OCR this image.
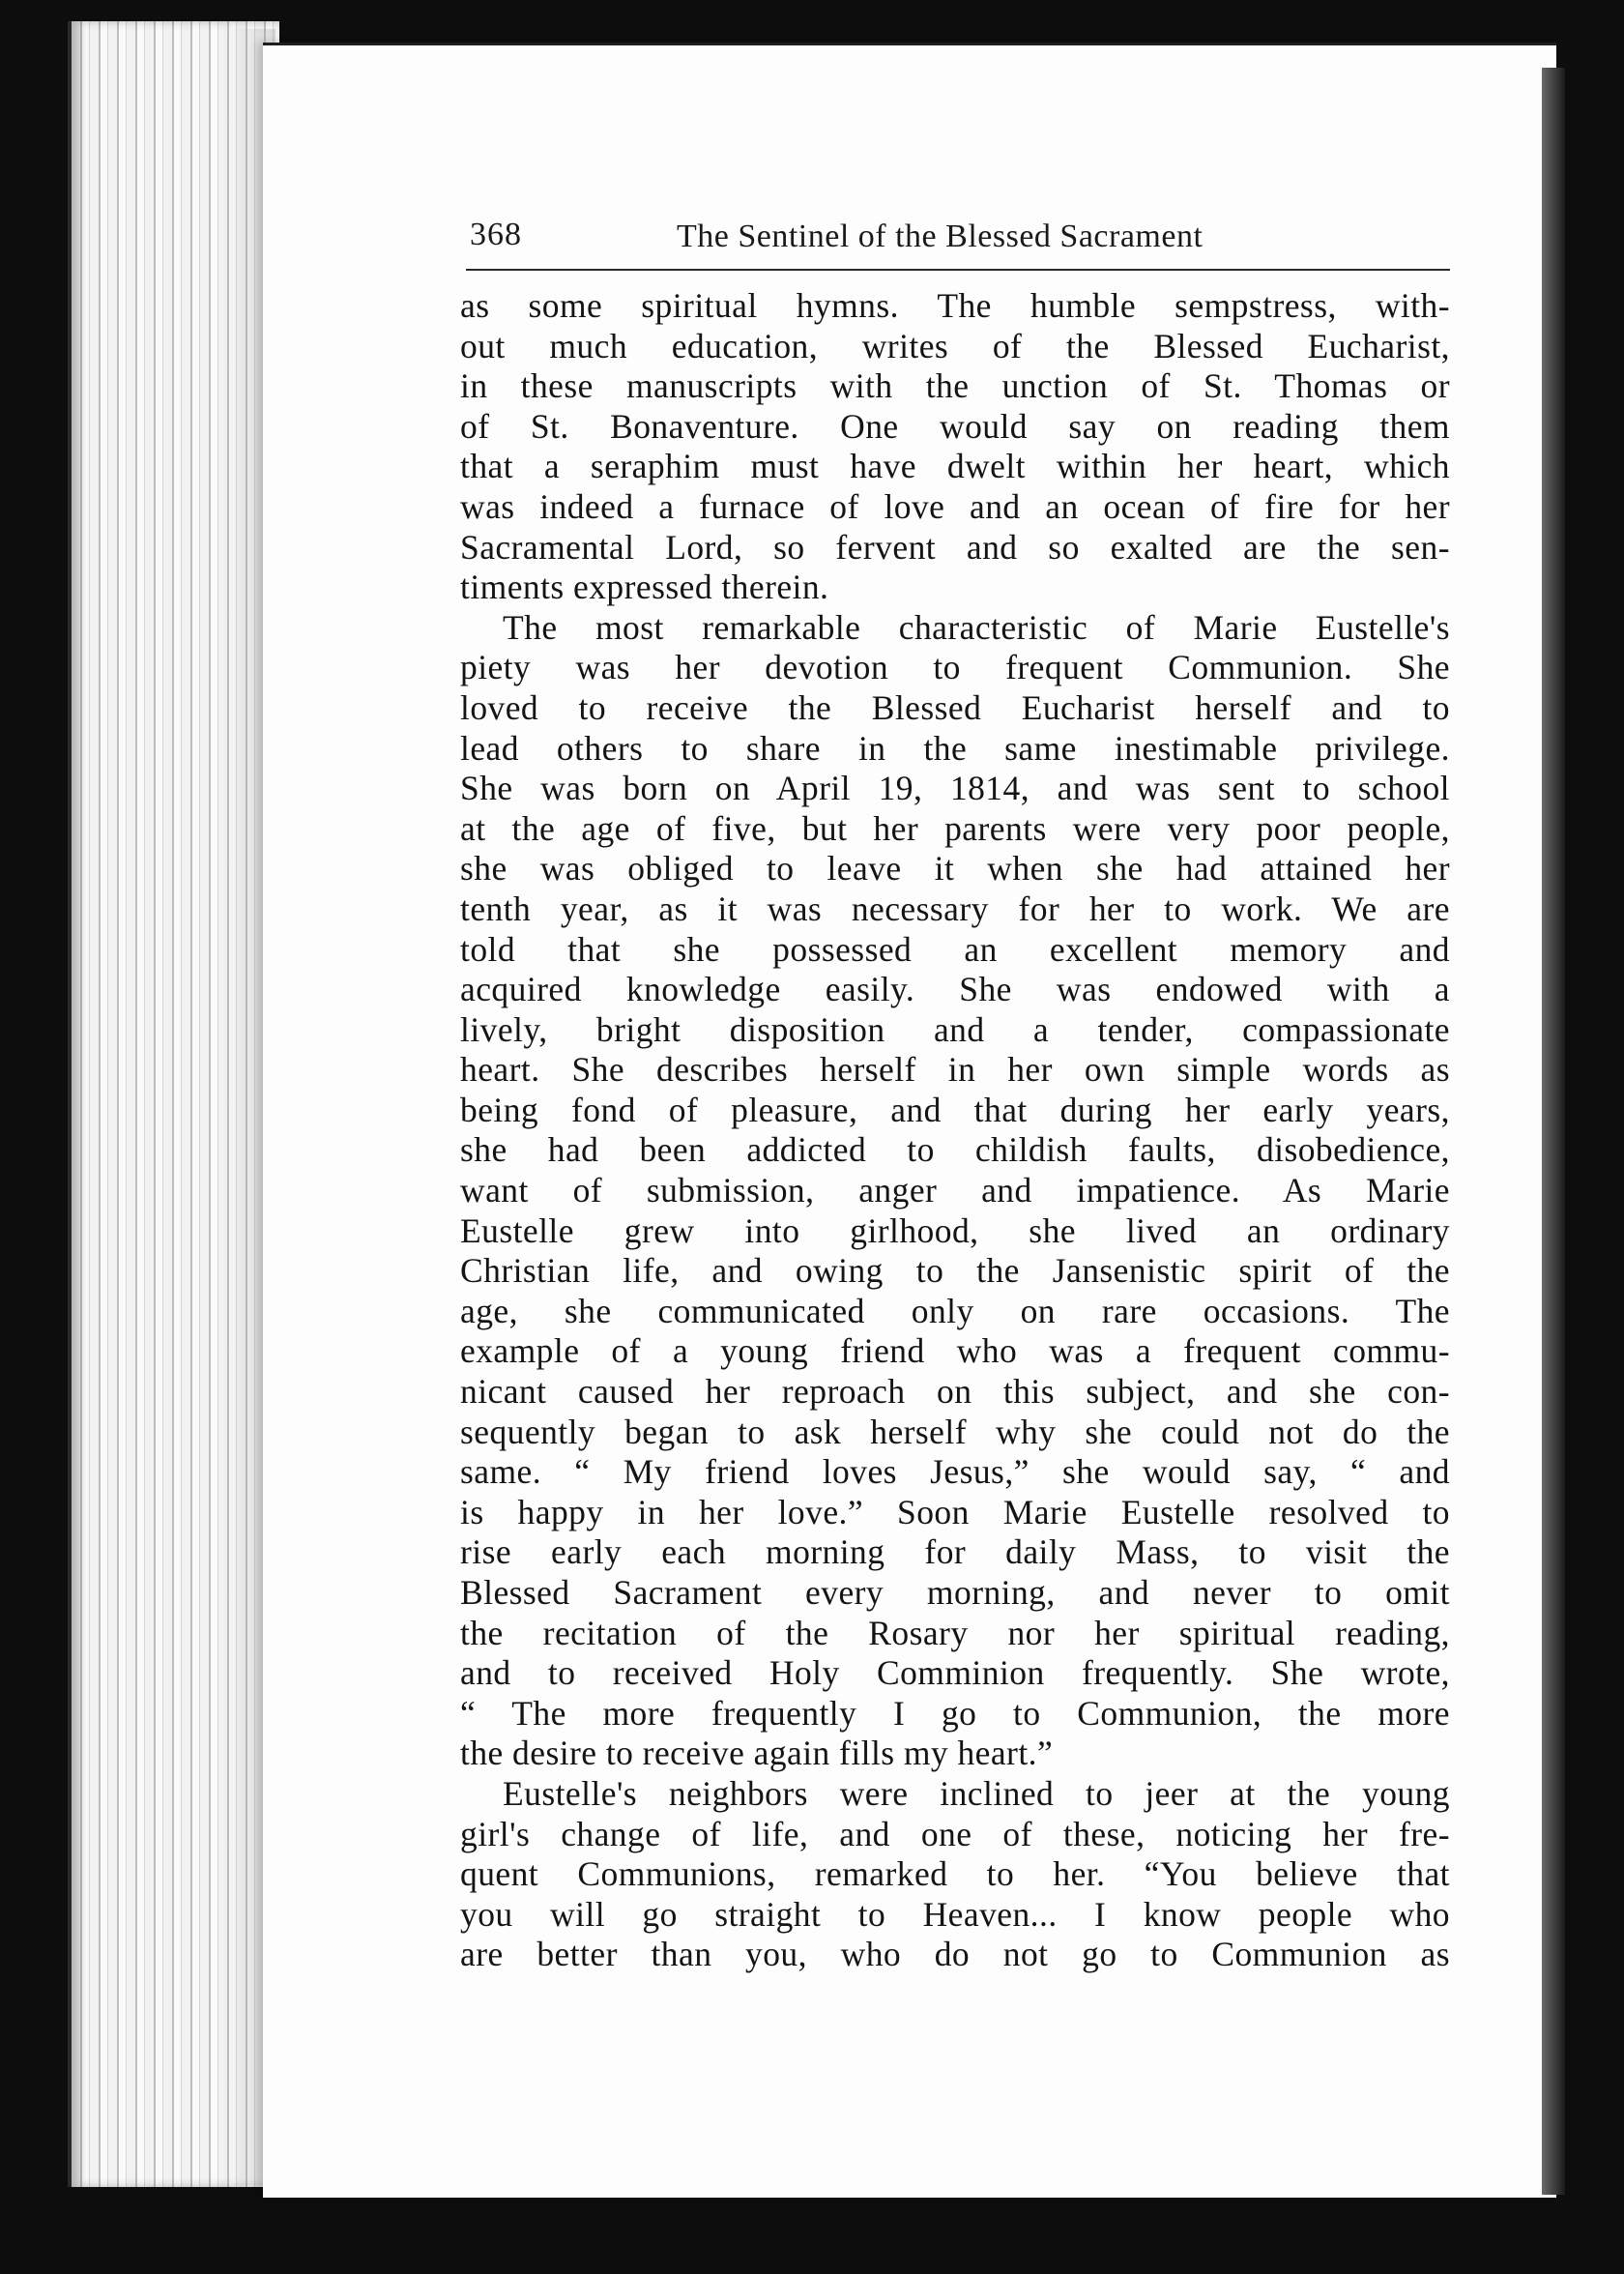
368	The Sentinel of the Blessed Sacrament
as some spiritual hymns. The humble sempstress, with-
out much education, writes of the Blessed Eucharist,
in these manuscripts with the unction of St. Thomas or
of St. Bonaventure. One would say on reading them
that a seraphim must have dwelt within her heart, which
was indeed a furnace of love and an ocean of fire for her
Sacramental Lord, so fervent and so exalted are the sen-
timents expressed therein.
The most remarkable characteristic of Marie Eustelle's
piety was her devotion to frequent Communion. She
loved to receive the Blessed Eucharist herself and to
lead others to share in the same inestimable privilege.
She was born on April 19, 1814, and was sent to school
at the age of five, but her parents were very poor people,
she was obliged to leave it when she had attained her
tenth year, as it was necessary for her to work. We are
told that she possessed an excellent memory and
acquired knowledge easily. She was endowed with a
lively, bright disposition and a tender, compassionate
heart. She describes herself in her own simple words as
being fond of pleasure, and that during her early years,
she had been addicted to childish faults, disobedience,
want of submission, anger and impatience. As Marie
Eustelle grew into girlhood, she lived an ordinary
Christian life, and owing to the Jansenistic spirit of the
age, she communicated only on rare occasions. The
example of a young friend who was a frequent commu-
nicant caused her reproach on this subject, and she con-
sequently began to ask herself why she could not do the
same. “ My friend loves Jesus,” she would say, “ and
is happy in her love.” Soon Marie Eustelle resolved to
rise early each morning for daily Mass, to visit the
Blessed Sacrament every morning, and never to omit
the recitation of the Rosary nor her spiritual reading,
and to received Holy Comminion frequently. She wrote,
“ The more frequently I go to Communion, the more
the desire to receive again fills my heart.”
Eustelle's neighbors were inclined to jeer at the young
girl's change of life, and one of these, noticing her fre-
quent Communions, remarked to her. “You believe that
you will go straight to Heaven... I know people who
are better than you, who do not go to Communion as
